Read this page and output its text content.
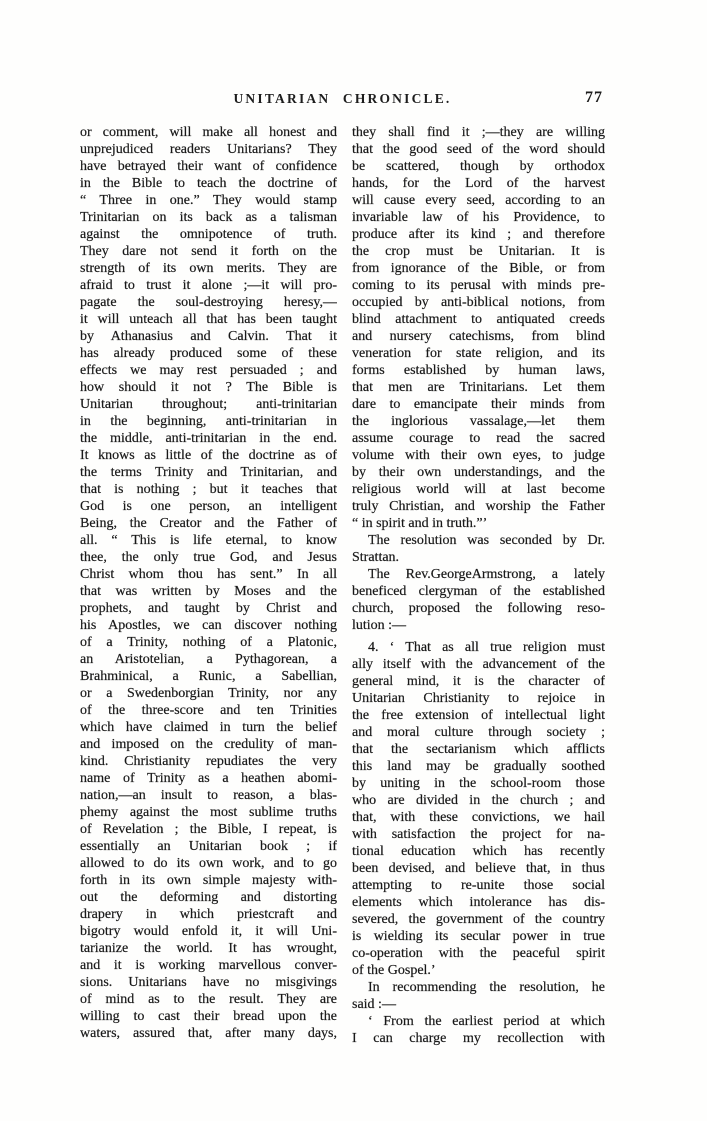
UNITARIAN CHRONICLE.	77
or comment, will make all honest and
unprejudiced readers Unitarians? They
have betrayed their want of confidence
in the Bible to teach the doctrine of
“ Three in one.” They would stamp
Trinitarian on its back as a talisman
against the omnipotence of truth.
They dare not send it forth on the
strength of its own merits. They are
afraid to trust it alone ;—it will pro-
pagate the soul-destroying heresy,—
it will unteach all that has been taught
by Athanasius and Calvin. That it
has already produced some of these
effects we may rest persuaded ; and
how should it not ? The Bible is
Unitarian throughout; anti-trinitarian
in the beginning, anti-trinitarian in
the middle, anti-trinitarian in the end.
It knows as little of the doctrine as of
the terms Trinity and Trinitarian, and
that is nothing ; but it teaches that
God is one person, an intelligent
Being, the Creator and the Father of
all. “ This is life eternal, to know
thee, the only true God, and Jesus
Christ whom thou has sent.” In all
that was written by Moses and the
prophets, and taught by Christ and
his Apostles, we can discover nothing
of a Trinity, nothing of a Platonic,
an Aristotelian, a Pythagorean, a
Brahminical, a Runic, a Sabellian,
or a Swedenborgian Trinity, nor any
of the three-score and ten Trinities
which have claimed in turn the belief
and imposed on the credulity of man-
kind. Christianity repudiates the very
name of Trinity as a heathen abomi-
nation,—an insult to reason, a blas-
phemy against the most sublime truths
of Revelation ; the Bible, I repeat, is
essentially an Unitarian book ; if
allowed to do its own work, and to go
forth in its own simple majesty with-
out the deforming and distorting
drapery in which priestcraft and
bigotry would enfold it, it will Uni-
tarianize the world. It has wrought,
and it is working marvellous conver-
sions. Unitarians have no misgivings
of mind as to the result. They are
willing to cast their bread upon the
waters, assured that, after many days,
they shall find it ;—they are willing
that the good seed of the word should
be scattered, though by orthodox
hands, for the Lord of the harvest
will cause every seed, according to an
invariable law of his Providence, to
produce after its kind ; and therefore
the crop must be Unitarian. It is
from ignorance of the Bible, or from
coming to its perusal with minds pre-
occupied by anti-biblical notions, from
blind attachment to antiquated creeds
and nursery catechisms, from blind
veneration for state religion, and its
forms established by human laws,
that men are Trinitarians. Let them
dare to emancipate their minds from
the inglorious vassalage,—let them
assume courage to read the sacred
volume with their own eyes, to judge
by their own understandings, and the
religious world will at last become
truly Christian, and worship the Father
“ in spirit and in truth.”’
The resolution was seconded by Dr.
Strattan.
The Rev.GeorgeArmstrong, a lately
beneficed clergyman of the established
church, proposed the following reso-
lution :—
4. ‘ That as all true religion must
ally itself with the advancement of the
general mind, it is the character of
Unitarian Christianity to rejoice in
the free extension of intellectual light
and moral culture through society ;
that the sectarianism which afflicts
this land may be gradually soothed
by uniting in the school-room those
who are divided in the church ; and
that, with these convictions, we hail
with satisfaction the project for na-
tional education which has recently
been devised, and believe that, in thus
attempting to re-unite those social
elements which intolerance has dis-
severed, the government of the country
is wielding its secular power in true
co-operation with the peaceful spirit
of the Gospel.’
In recommending the resolution, he
said :—
‘ From the earliest period at which
I can charge my recollection with
